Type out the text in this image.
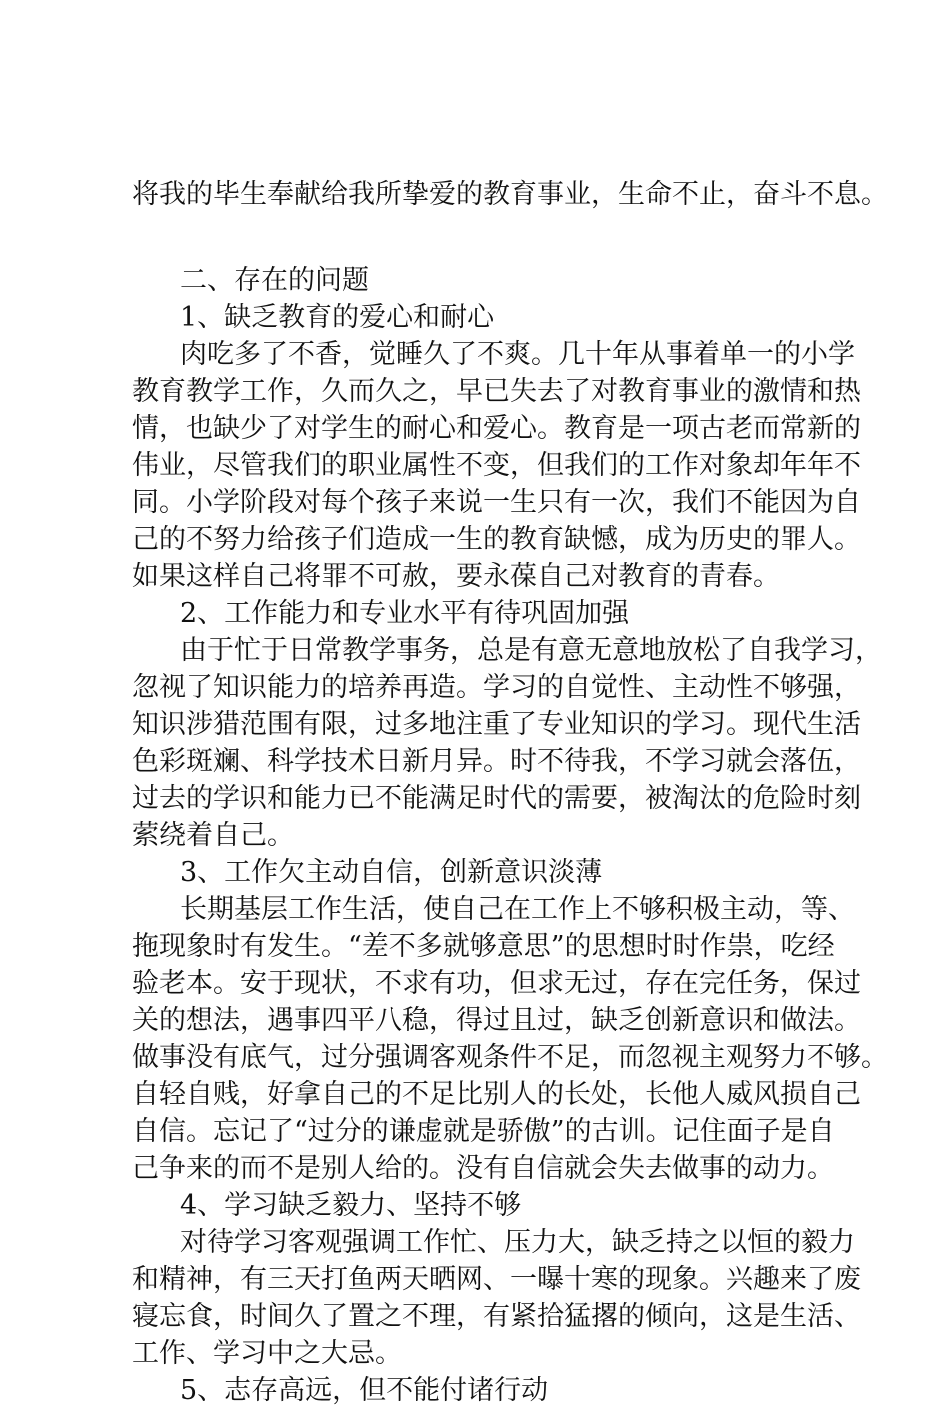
将我的毕生奉献给我所挚爱的教育事业，生命不止，奋斗不息。
二、存在的问题
1、缺乏教育的爱心和耐心
肉吃多了不香，觉睡久了不爽。几十年从事着单一的小学
教育教学工作，久而久之，早已失去了对教育事业的激情和热
情，也缺少了对学生的耐心和爱心。教育是一项古老而常新的
伟业，尽管我们的职业属性不变，但我们的工作对象却年年不
同。小学阶段对每个孩子来说一生只有一次，我们不能因为自
己的不努力给孩子们造成一生的教育缺憾，成为历史的罪人。
如果这样自己将罪不可赦，要永葆自己对教育的青春。
2、工作能力和专业水平有待巩固加强
由于忙于日常教学事务，总是有意无意地放松了自我学习，
忽视了知识能力的培养再造。学习的自觉性、主动性不够强，
知识涉猎范围有限，过多地注重了专业知识的学习。现代生活
色彩斑斓、科学技术日新月异。时不待我，不学习就会落伍，
过去的学识和能力已不能满足时代的需要，被淘汰的危险时刻
萦绕着自己。
3、工作欠主动自信，创新意识淡薄
长期基层工作生活，使自己在工作上不够积极主动，等、
拖现象时有发生。“差不多就够意思”的思想时时作祟，吃经
验老本。安于现状，不求有功，但求无过，存在完任务，保过
关的想法，遇事四平八稳，得过且过，缺乏创新意识和做法。
做事没有底气，过分强调客观条件不足，而忽视主观努力不够。
自轻自贱，好拿自己的不足比别人的长处，长他人威风损自己
自信。忘记了“过分的谦虚就是骄傲”的古训。记住面子是自
己争来的而不是别人给的。没有自信就会失去做事的动力。
4、学习缺乏毅力、坚持不够
对待学习客观强调工作忙、压力大，缺乏持之以恒的毅力
和精神，有三天打鱼两天晒网、一曝十寒的现象。兴趣来了废
寝忘食，时间久了置之不理，有紧拾猛撂的倾向，这是生活、
工作、学习中之大忌。
5、志存高远，但不能付诸行动
